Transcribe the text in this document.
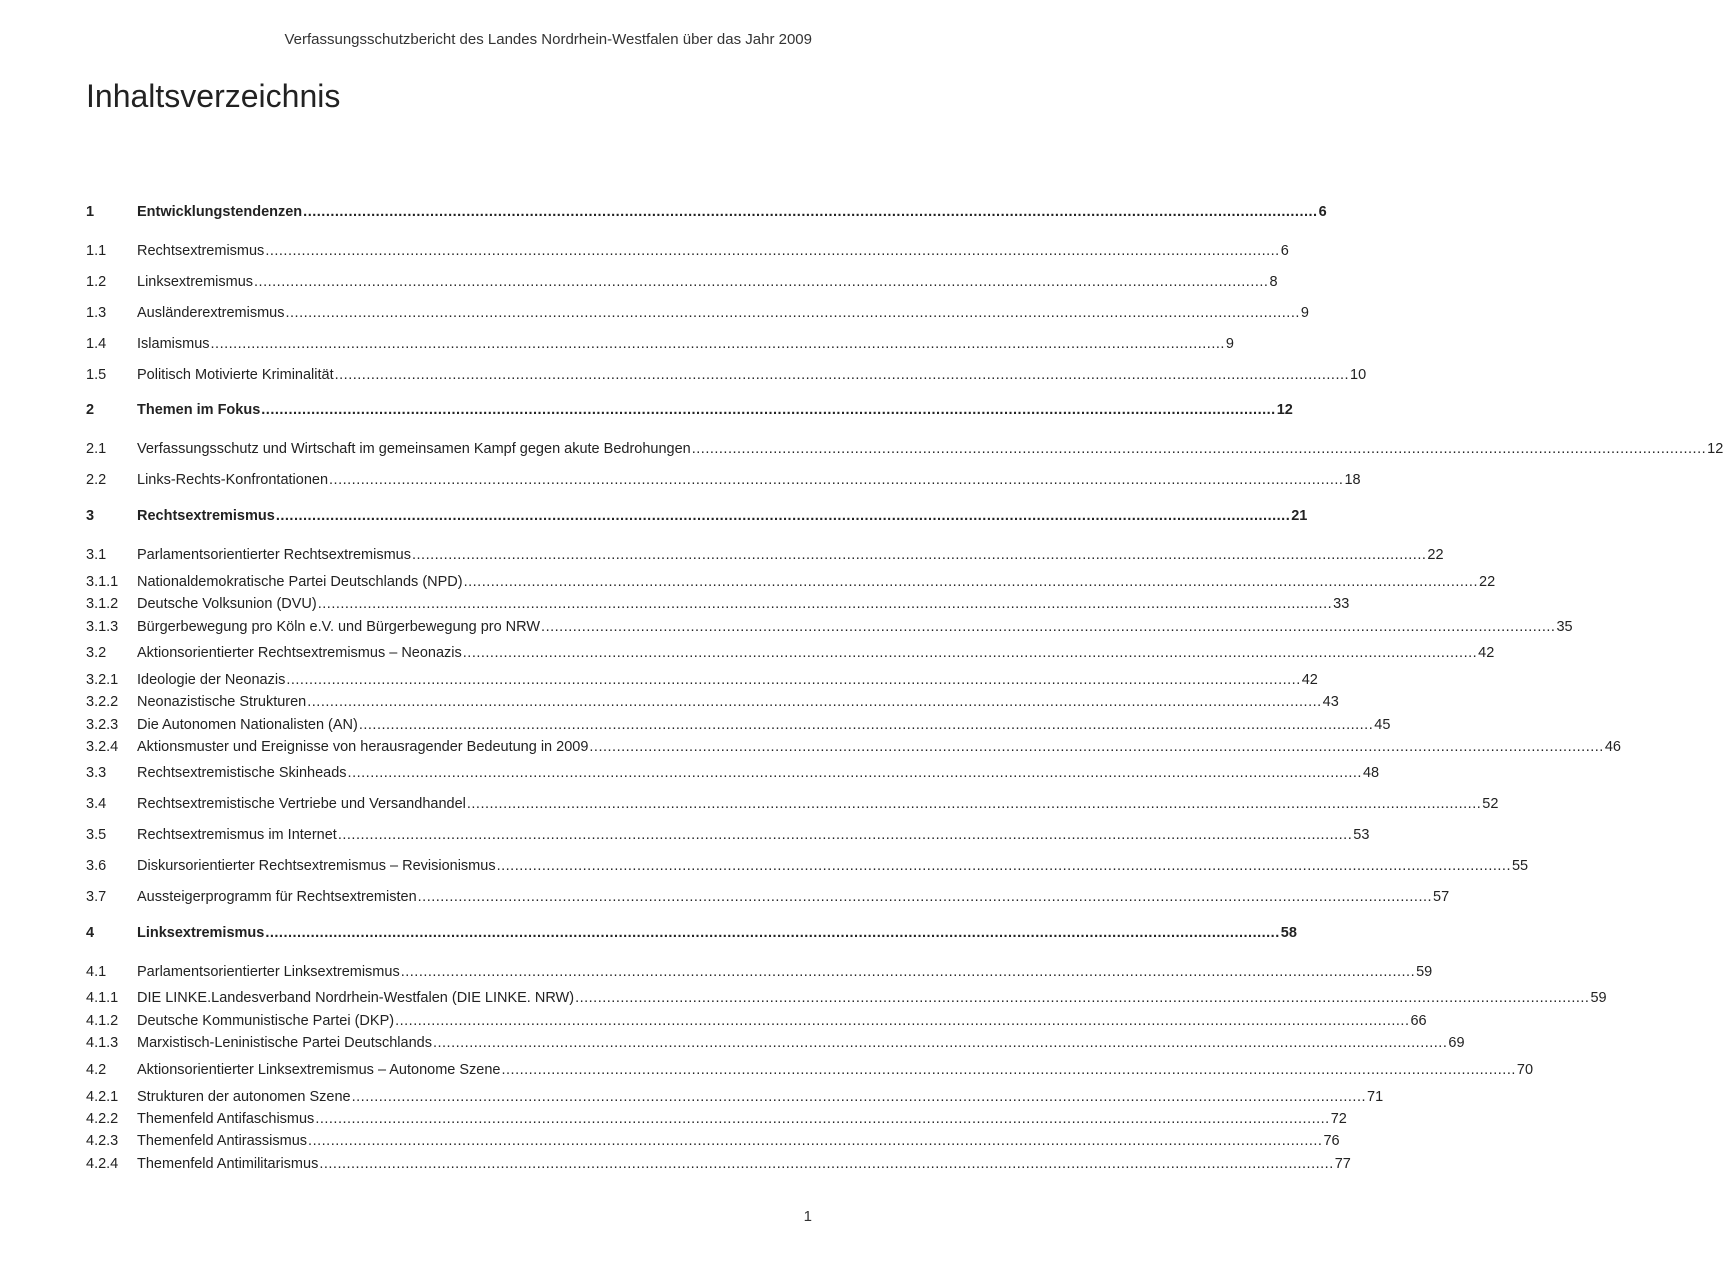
Verfassungsschutzbericht des Landes Nordrhein-Westfalen über das Jahr 2009
Inhaltsverzeichnis
1	Entwicklungstendenzen .....	6
1.1	Rechtsextremismus .....	6
1.2	Linksextremismus .....	8
1.3	Ausländerextremismus .....	9
1.4	Islamismus .....	9
1.5	Politisch Motivierte Kriminalität .....	10
2	Themen im Fokus .....	12
2.1	Verfassungsschutz und Wirtschaft im gemeinsamen Kampf gegen akute Bedrohungen .....	12
2.2	Links-Rechts-Konfrontationen .....	18
3	Rechtsextremismus .....	21
3.1	Parlamentsorientierter Rechtsextremismus .....	22
3.1.1	Nationaldemokratische Partei Deutschlands (NPD) .....	22
3.1.2	Deutsche Volksunion (DVU) .....	33
3.1.3	Bürgerbewegung pro Köln e.V. und Bürgerbewegung pro NRW .....	35
3.2	Aktionsorientierter Rechtsextremismus – Neonazis .....	42
3.2.1	Ideologie der Neonazis .....	42
3.2.2	Neonazistische Strukturen .....	43
3.2.3	Die Autonomen Nationalisten (AN) .....	45
3.2.4	Aktionsmuster und Ereignisse von herausragender Bedeutung in 2009 .....	46
3.3	Rechtsextremistische Skinheads .....	48
3.4	Rechtsextremistische Vertriebe und Versandhandel .....	52
3.5	Rechtsextremismus im Internet .....	53
3.6	Diskursorientierter Rechtsextremismus – Revisionismus .....	55
3.7	Aussteigerprogramm für Rechtsextremisten .....	57
4	Linksextremismus .....	58
4.1	Parlamentsorientierter Linksextremismus .....	59
4.1.1	DIE LINKE.Landesverband Nordrhein-Westfalen (DIE LINKE. NRW) .....	59
4.1.2	Deutsche Kommunistische Partei (DKP) .....	66
4.1.3	Marxistisch-Leninistische Partei Deutschlands .....	69
4.2	Aktionsorientierter Linksextremismus – Autonome Szene .....	70
4.2.1	Strukturen der autonomen Szene .....	71
4.2.2	Themenfeld Antifaschismus .....	72
4.2.3	Themenfeld Antirassismus .....	76
4.2.4	Themenfeld Antimilitarismus .....	77
1
